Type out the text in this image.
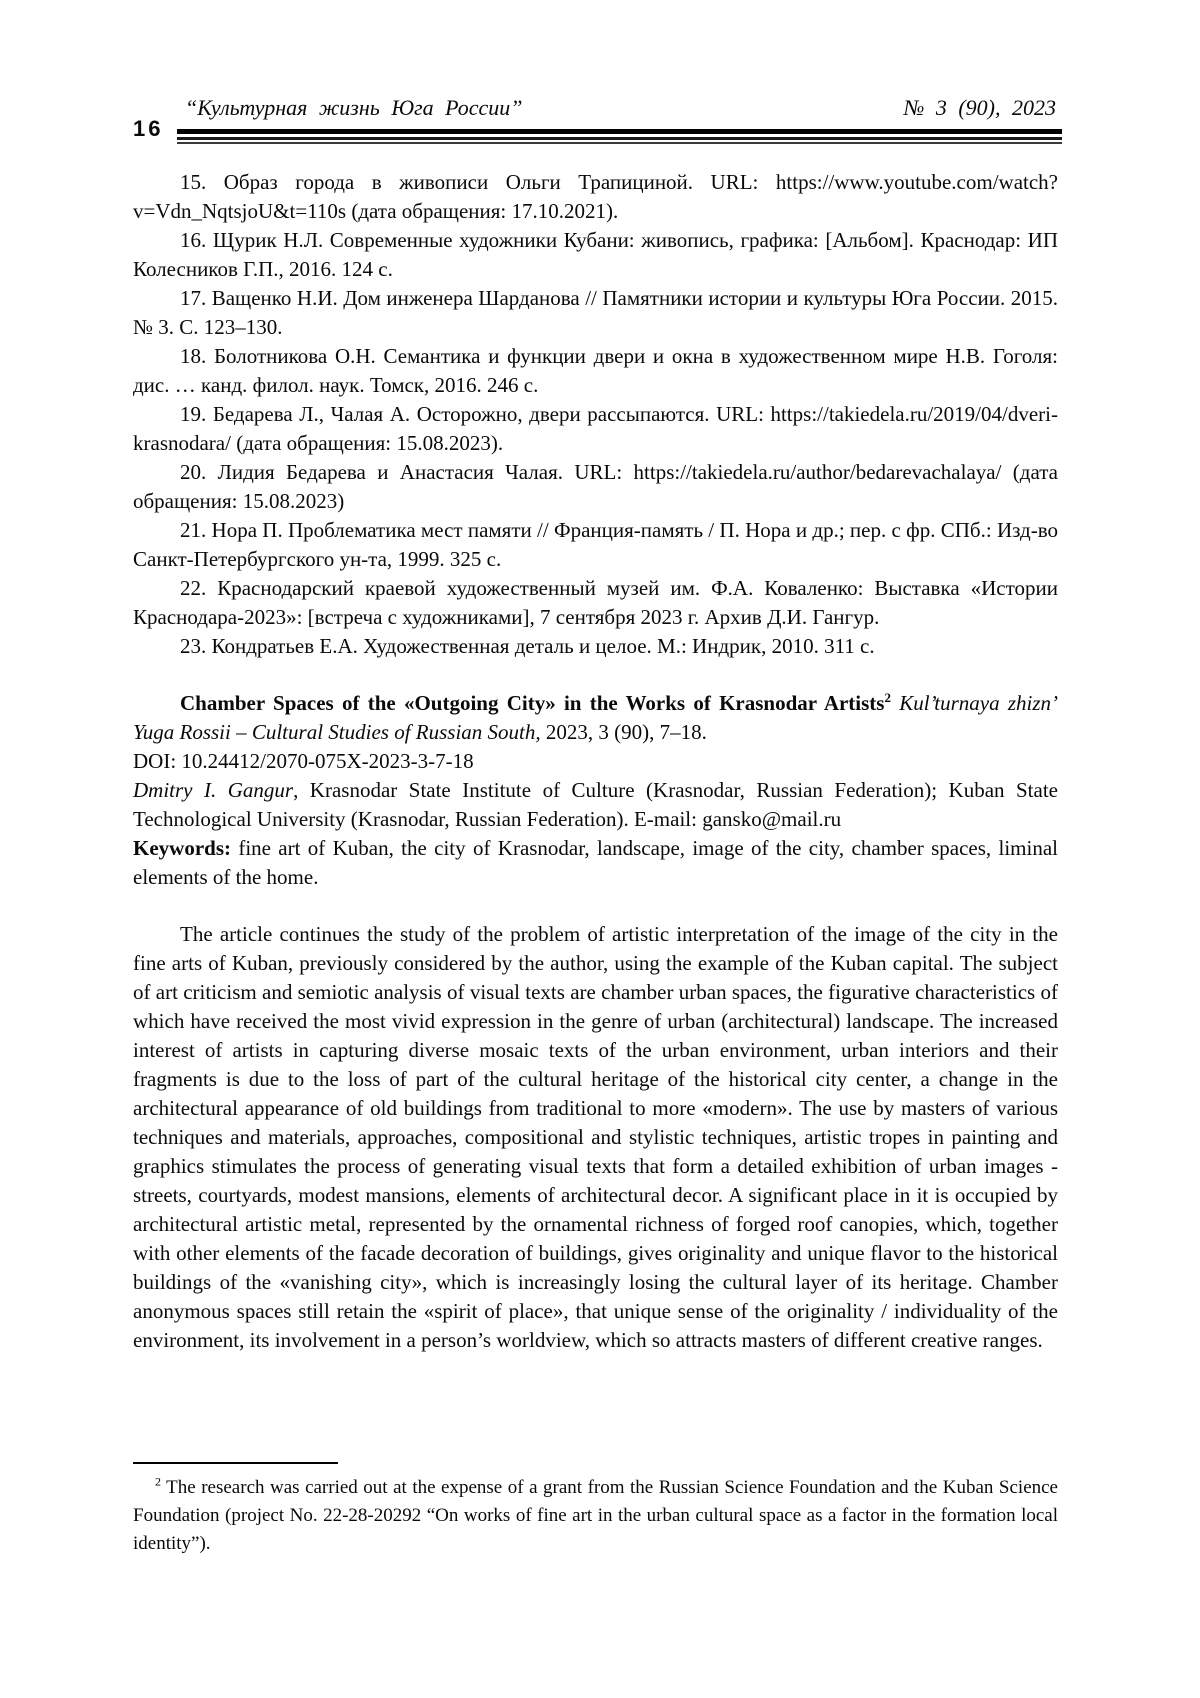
16
“Культурная жизнь Юга России”	№ 3 (90), 2023

15. Образ города в живописи Ольги Трапициной. URL: https://www.youtube.com/watch?v=Vdn_NqtsjoU&t=110s (дата обращения: 17.10.2021).

16. Щурик Н.Л. Современные художники Кубани: живопись, графика: [Альбом]. Краснодар: ИП Колесников Г.П., 2016. 124 с.

17. Ващенко Н.И. Дом инженера Шарданова // Памятники истории и культуры Юга России. 2015. № 3. С. 123–130.

18. Болотникова О.Н. Семантика и функции двери и окна в художественном мире Н.В. Гоголя: дис. … канд. филол. наук. Томск, 2016. 246 с.

19. Бедарева Л., Чалая А. Осторожно, двери рассыпаются. URL: https://takiedela.ru/2019/04/dveri-krasnodara/ (дата обращения: 15.08.2023).

20. Лидия Бедарева и Анастасия Чалая. URL: https://takiedela.ru/author/bedarevachalaya/ (дата обращения: 15.08.2023)

21. Нора П. Проблематика мест памяти // Франция-память / П. Нора и др.; пер. с фр. СПб.: Изд-во Санкт-Петербургского ун-та, 1999. 325 с.

22. Краснодарский краевой художественный музей им. Ф.А. Коваленко: Выставка «Истории Краснодара-2023»: [встреча с художниками], 7 сентября 2023 г. Архив Д.И. Гангур.

23. Кондратьев Е.А. Художественная деталь и целое. М.: Индрик, 2010. 311 с.

Chamber Spaces of the «Outgoing City» in the Works of Krasnodar Artists$^2$ Kul’turnaya zhizn’ Yuga Rossii – Cultural Studies of Russian South, 2023, 3 (90), 7–18.

DOI: 10.24412/2070-075X-2023-3-7-18

Dmitry I. Gangur, Krasnodar State Institute of Culture (Krasnodar, Russian Federation); Kuban State Technological University (Krasnodar, Russian Federation). E-mail: gansko@mail.ru

Keywords: fine art of Kuban, the city of Krasnodar, landscape, image of the city, chamber spaces, liminal elements of the home.

The article continues the study of the problem of artistic interpretation of the image of the city in the fine arts of Kuban, previously considered by the author, using the example of the Kuban capital. The subject of art criticism and semiotic analysis of visual texts are chamber urban spaces, the figurative characteristics of which have received the most vivid expression in the genre of urban (architectural) landscape. The increased interest of artists in capturing diverse mosaic texts of the urban environment, urban interiors and their fragments is due to the loss of part of the cultural heritage of the historical city center, a change in the architectural appearance of old buildings from traditional to more «modern». The use by masters of various techniques and materials, approaches, compositional and stylistic techniques, artistic tropes in painting and graphics stimulates the process of generating visual texts that form a detailed exhibition of urban images - streets, courtyards, modest mansions, elements of architectural decor. A significant place in it is occupied by architectural artistic metal, represented by the ornamental richness of forged roof canopies, which, together with other elements of the facade decoration of buildings, gives originality and unique flavor to the historical buildings of the «vanishing city», which is increasingly losing the cultural layer of its heritage. Chamber anonymous spaces still retain the «spirit of place», that unique sense of the originality / individuality of the environment, its involvement in a person’s worldview, which so attracts masters of different creative ranges.

$^2$ The research was carried out at the expense of a grant from the Russian Science Foundation and the Kuban Science Foundation (project No. 22-28-20292 “On works of fine art in the urban cultural space as a factor in the formation local identity”).
